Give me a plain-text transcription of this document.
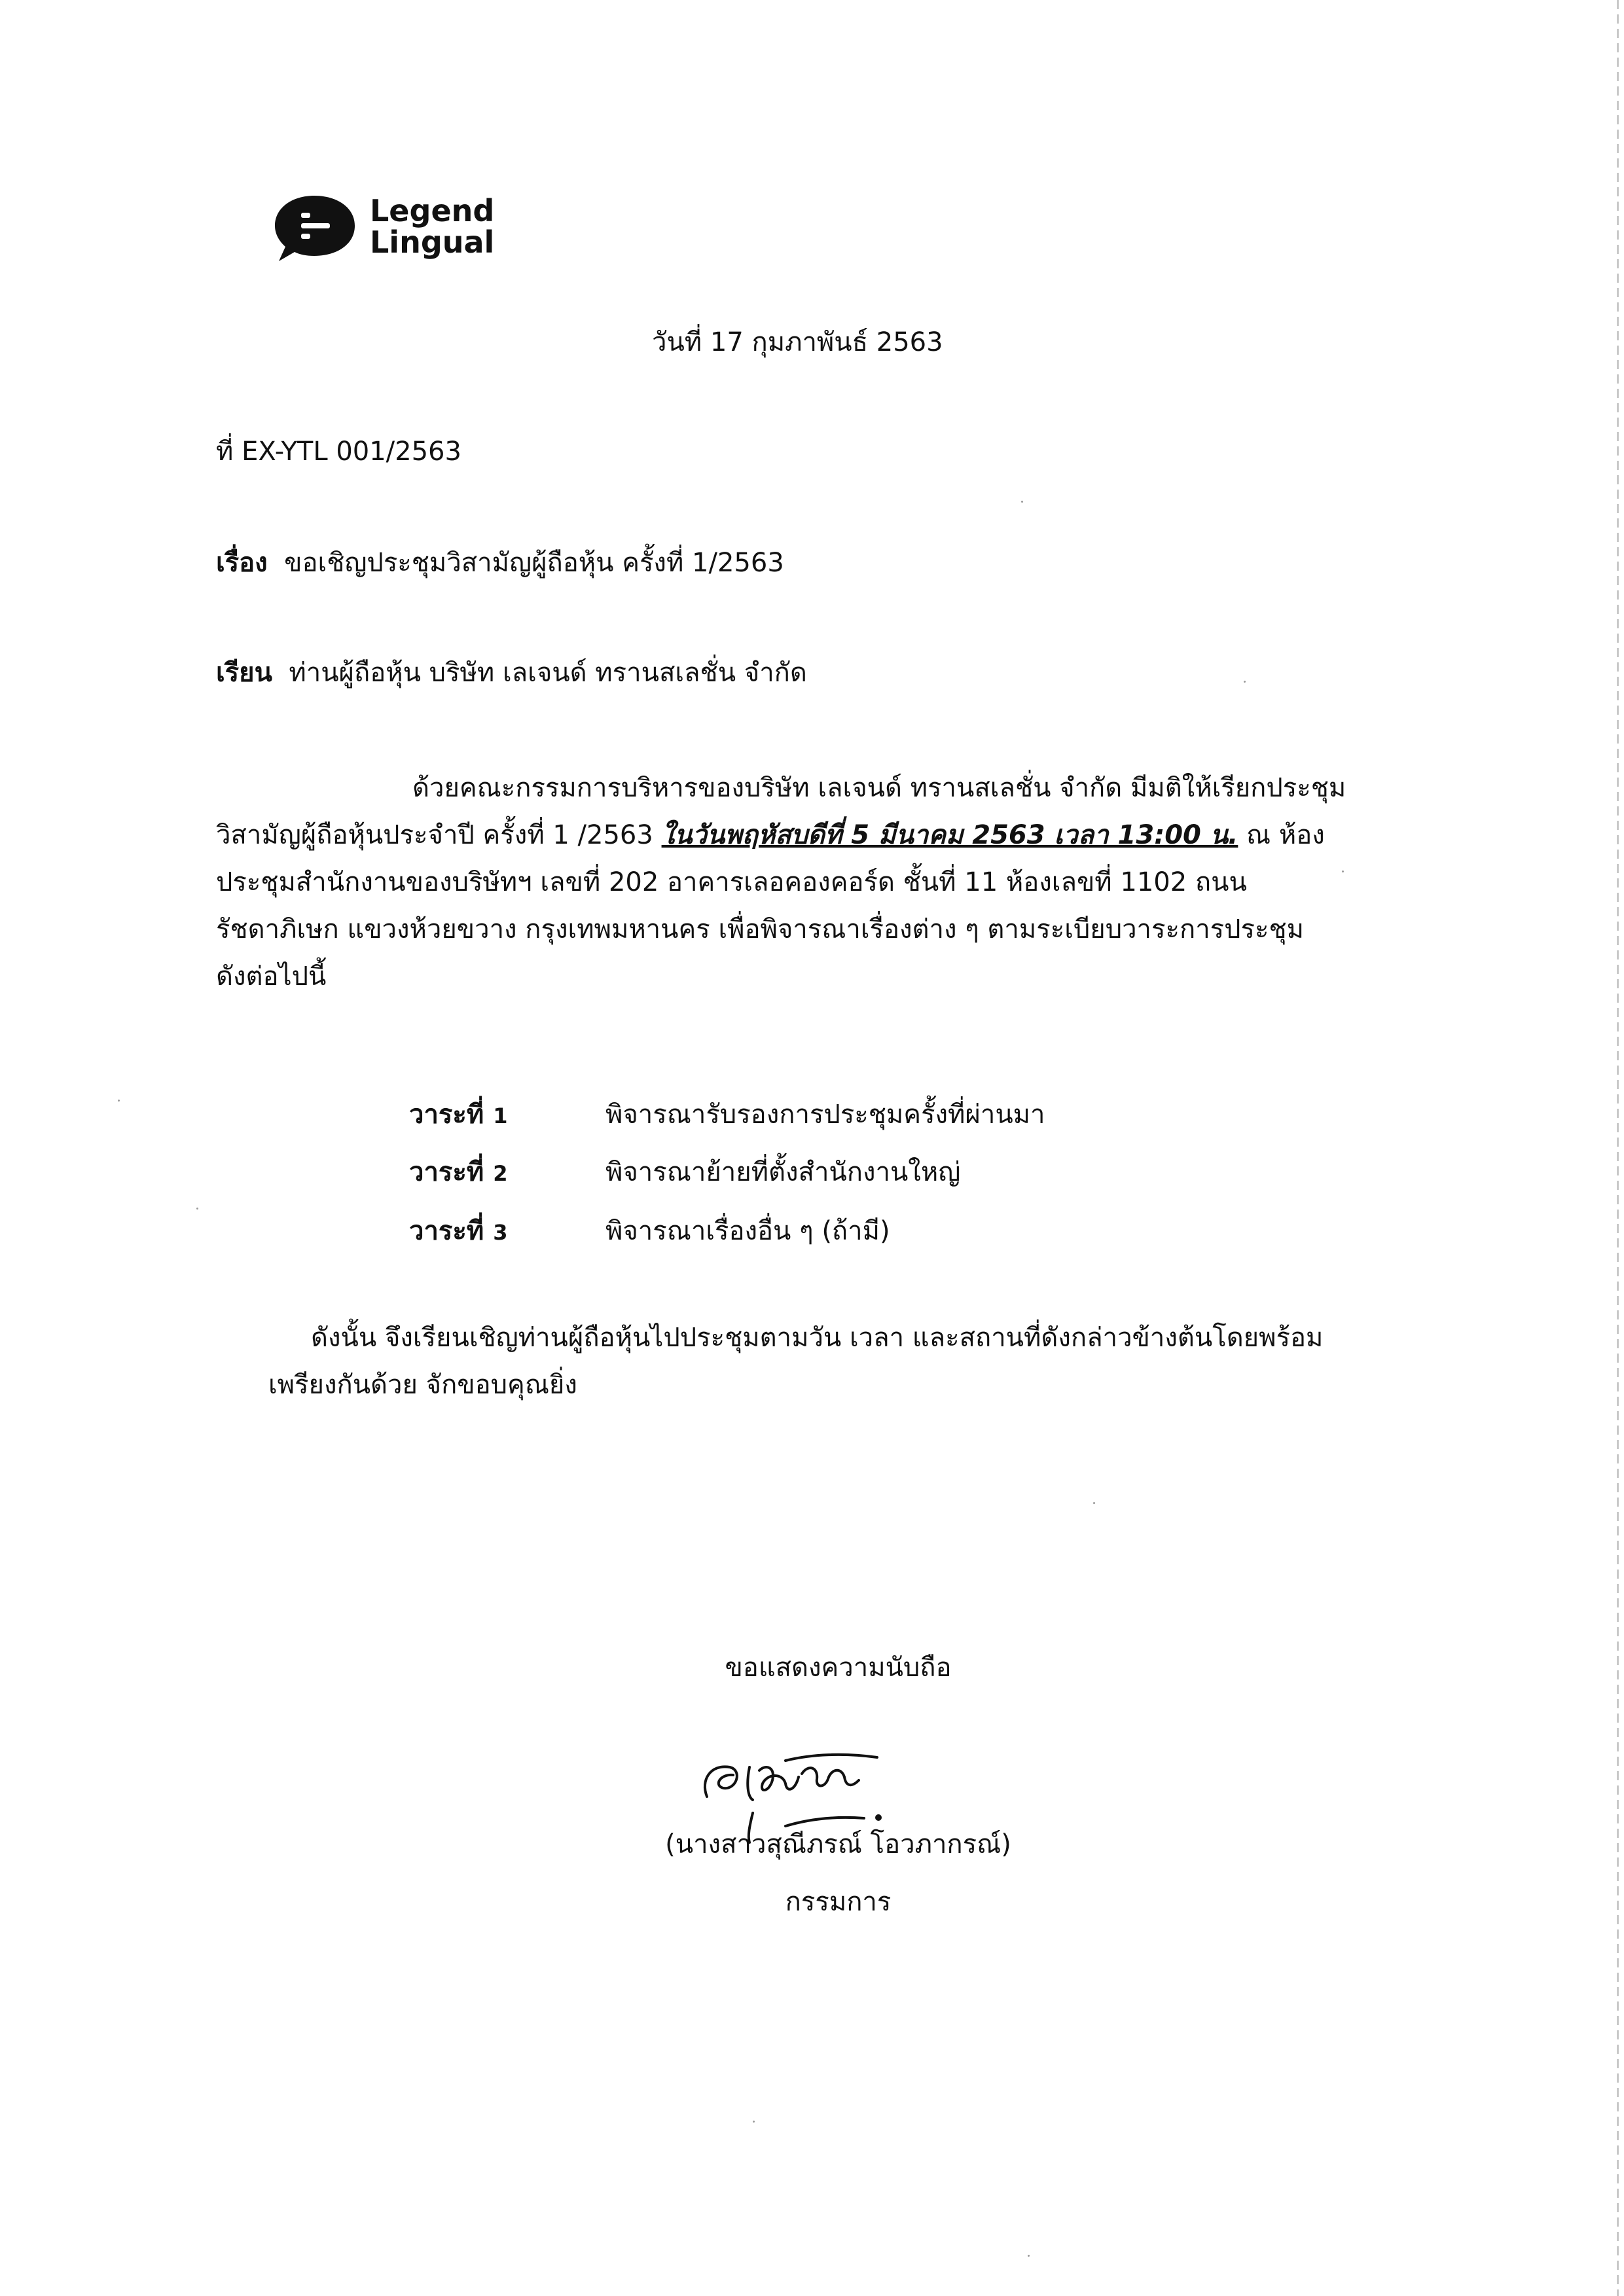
Legend
Lingual
วันที่ 17 กุมภาพันธ์ 2563
ที่ EX-YTL 001/2563
เรื่อง ขอเชิญประชุมวิสามัญผู้ถือหุ้น ครั้งที่ 1/2563
เรียน ท่านผู้ถือหุ้น บริษัท เลเจนด์ ทรานสเลชั่น จำกัด
ด้วยคณะกรรมการบริหารของบริษัท เลเจนด์ ทรานสเลชั่น จำกัด มีมติให้เรียกประชุม
วิสามัญผู้ถือหุ้นประจำปี ครั้งที่ 1 /2563 ในวันพฤหัสบดีที่ 5 มีนาคม 2563 เวลา 13:00 น. ณ ห้อง
ประชุมสำนักงานของบริษัทฯ เลขที่ 202 อาคารเลอคองคอร์ด ชั้นที่ 11 ห้องเลขที่ 1102 ถนน
รัชดาภิเษก แขวงห้วยขวาง กรุงเทพมหานคร เพื่อพิจารณาเรื่องต่าง ๆ ตามระเบียบวาระการประชุม
ดังต่อไปนี้
วาระที่ 1	พิจารณารับรองการประชุมครั้งที่ผ่านมา
วาระที่ 2	พิจารณาย้ายที่ตั้งสำนักงานใหญ่
วาระที่ 3	พิจารณาเรื่องอื่น ๆ (ถ้ามี)
ดังนั้น จึงเรียนเชิญท่านผู้ถือหุ้นไปประชุมตามวัน เวลา และสถานที่ดังกล่าวข้างต้นโดยพร้อม
เพรียงกันด้วย จักขอบคุณยิ่ง
ขอแสดงความนับถือ
(นางสาวสุณีภรณ์ โอวภากรณ์)
กรรมการ
